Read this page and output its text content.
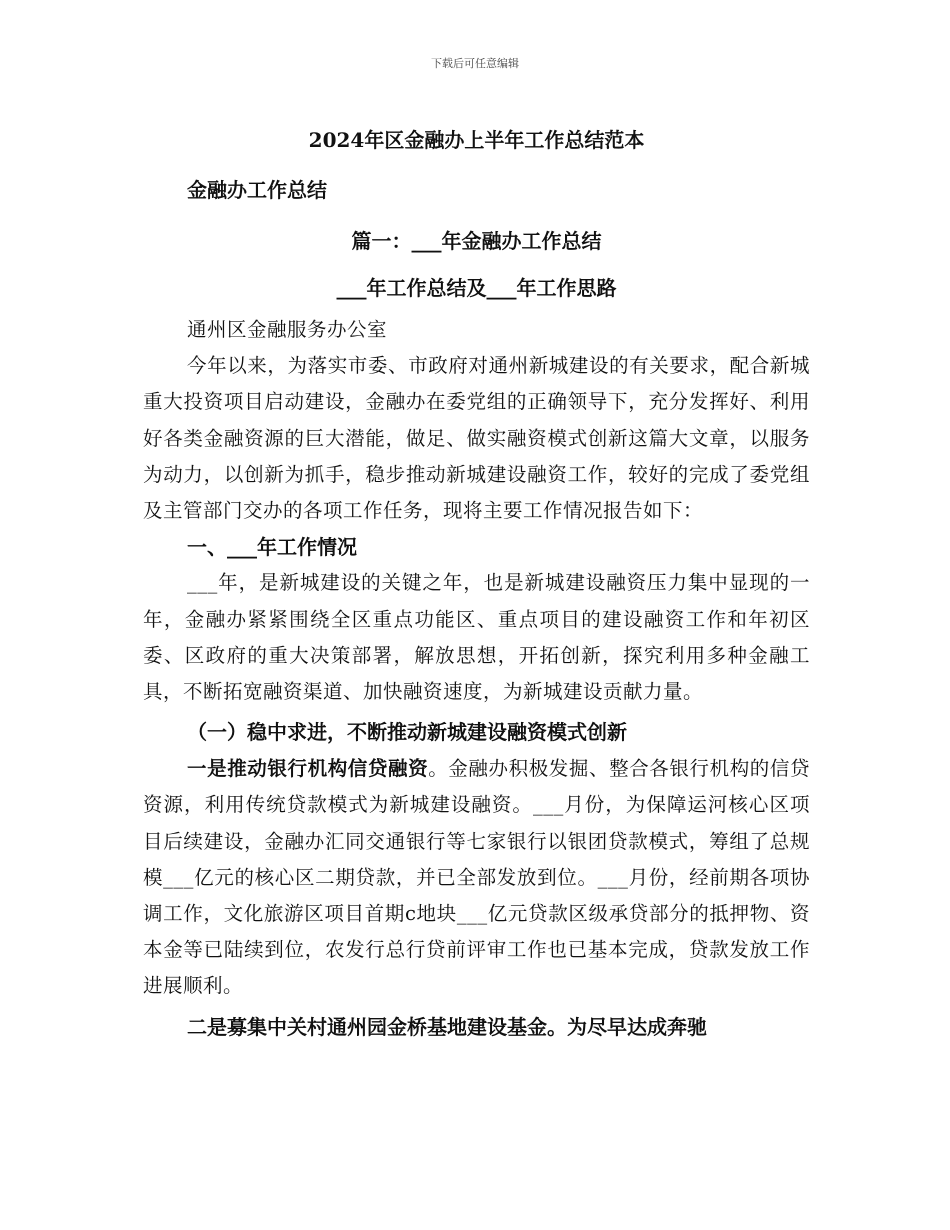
下载后可任意编辑
2024年区金融办上半年工作总结范本
金融办工作总结
篇一：___年金融办工作总结
___年工作总结及___年工作思路

通州区金融服务办公室

今年以来，为落实市委、市政府对通州新城建设的有关要求，配合新城重大投资项目启动建设，金融办在委党组的正确领导下，充分发挥好、利用好各类金融资源的巨大潜能，做足、做实融资模式创新这篇大文章，以服务为动力，以创新为抓手，稳步推动新城建设融资工作，较好的完成了委党组及主管部门交办的各项工作任务，现将主要工作情况报告如下：

一、___年工作情况

___年，是新城建设的关键之年，也是新城建设融资压力集中显现的一年，金融办紧紧围绕全区重点功能区、重点项目的建设融资工作和年初区委、区政府的重大决策部署，解放思想，开拓创新，探究利用多种金融工具，不断拓宽融资渠道、加快融资速度，为新城建设贡献力量。

（一）稳中求进，不断推动新城建设融资模式创新

一是推动银行机构信贷融资。金融办积极发掘、整合各银行机构的信贷资源，利用传统贷款模式为新城建设融资。___月份，为保障运河核心区项目后续建设，金融办汇同交通银行等七家银行以银团贷款模式，筹组了总规模___亿元的核心区二期贷款，并已全部发放到位。___月份，经前期各项协调工作，文化旅游区项目首期c地块___亿元贷款区级承贷部分的抵押物、资本金等已陆续到位，农发行总行贷前评审工作也已基本完成，贷款发放工作进展顺利。

二是募集中关村通州园金桥基地建设基金。为尽早达成奔驰
